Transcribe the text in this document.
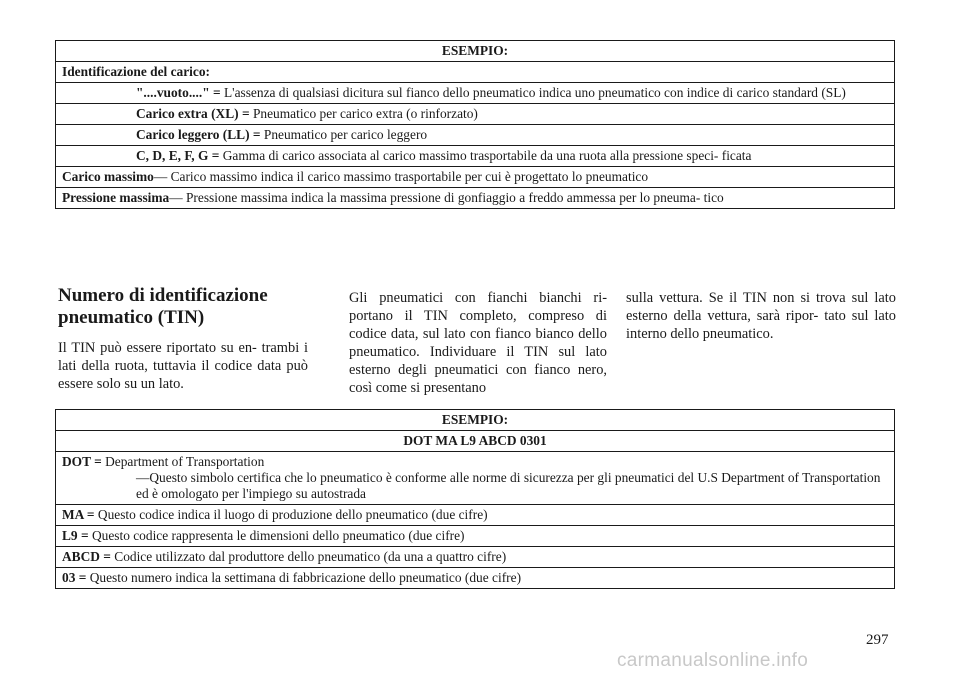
ESEMPIO:
Identificazione del carico:
"....vuoto...." = L'assenza di qualsiasi dicitura sul fianco dello pneumatico indica uno pneumatico con indice di carico standard (SL)
Carico extra (XL) = Pneumatico per carico extra (o rinforzato)
Carico leggero (LL) = Pneumatico per carico leggero
C, D, E, F, G = Gamma di carico associata al carico massimo trasportabile da una ruota alla pressione speci- ficata
Carico massimo— Carico massimo indica il carico massimo trasportabile per cui è progettato lo pneumatico
Pressione massima— Pressione massima indica la massima pressione di gonfiaggio a freddo ammessa per lo pneuma- tico
Numero di identificazione pneumatico (TIN)

Il TIN può essere riportato su en- trambi i lati della ruota, tuttavia il codice data può essere solo su un lato.

Gli pneumatici con fianchi bianchi ri- portano il TIN completo, compreso di codice data, sul lato con fianco bianco dello pneumatico. Individuare il TIN sul lato esterno degli pneumatici con fianco nero, così come si presentano

sulla vettura. Se il TIN non si trova sul lato esterno della vettura, sarà ripor- tato sul lato interno dello pneumatico.

ESEMPIO:
DOT MA L9 ABCD 0301
DOT = Department of Transportation
—Questo simbolo certifica che lo pneumatico è conforme alle norme di sicurezza per gli pneumatici del U.S Department of Transportation ed è omologato per l'impiego su autostrada
MA = Questo codice indica il luogo di produzione dello pneumatico (due cifre)
L9 = Questo codice rappresenta le dimensioni dello pneumatico (due cifre)
ABCD = Codice utilizzato dal produttore dello pneumatico (da una a quattro cifre)
03 = Questo numero indica la settimana di fabbricazione dello pneumatico (due cifre)
297
carmanualsonline.info
